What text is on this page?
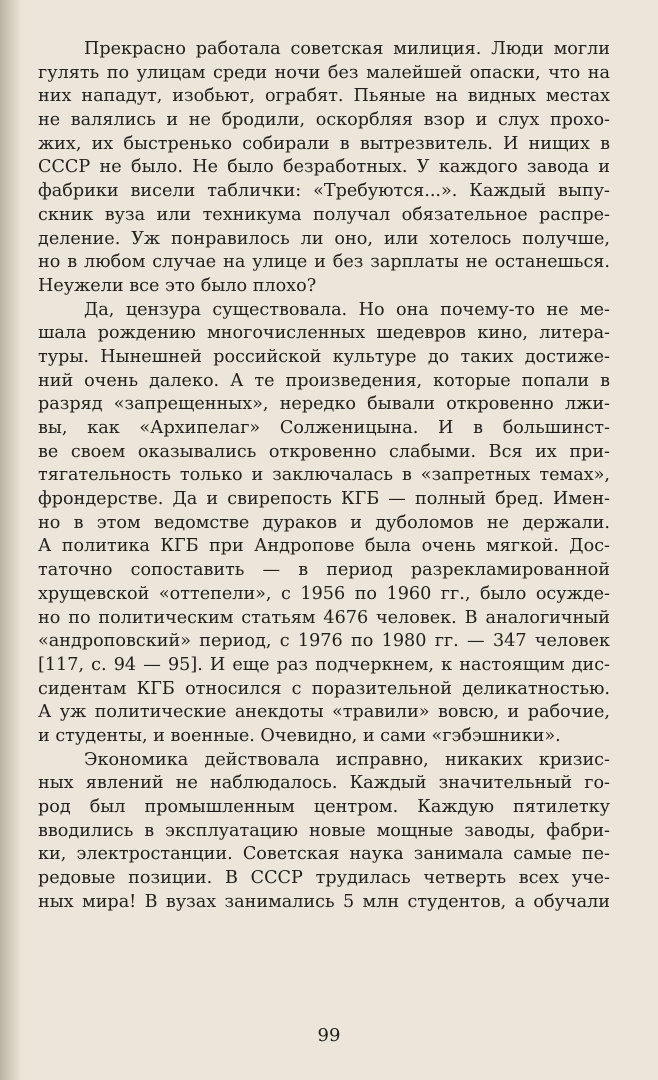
Прекрасно работала советская милиция. Люди могли
гулять по улицам среди ночи без малейшей опаски, что на
них нападут, изобьют, ограбят. Пьяные на видных местах
не валялись и не бродили, оскорбляя взор и слух прохо-
жих, их быстренько собирали в вытрезвитель. И нищих в
СССР не было. Не было безработных. У каждого завода и
фабрики висели таблички: «Требуются...». Каждый выпу-
скник вуза или техникума получал обязательное распре-
деление. Уж понравилось ли оно, или хотелось получше,
но в любом случае на улице и без зарплаты не останешься.
Неужели все это было плохо?
Да, цензура существовала. Но она почему-то не ме-
шала рождению многочисленных шедевров кино, литера-
туры. Нынешней российской культуре до таких достиже-
ний очень далеко. А те произведения, которые попали в
разряд «запрещенных», нередко бывали откровенно лжи-
вы, как «Архипелаг» Солженицына. И в большинст-
ве своем оказывались откровенно слабыми. Вся их при-
тягательность только и заключалась в «запретных темах»,
фрондерстве. Да и свирепость КГБ — полный бред. Имен-
но в этом ведомстве дураков и дуболомов не держали.
А политика КГБ при Андропове была очень мягкой. Дос-
таточно сопоставить — в период разрекламированной
хрущевской «оттепели», с 1956 по 1960 гг., было осужде-
но по политическим статьям 4676 человек. В аналогичный
«андроповский» период, с 1976 по 1980 гг. — 347 человек
[117, с. 94 — 95]. И еще раз подчеркнем, к настоящим дис-
сидентам КГБ относился с поразительной деликатностью.
А уж политические анекдоты «травили» вовсю, и рабочие,
и студенты, и военные. Очевидно, и сами «гэбэшники».
Экономика действовала исправно, никаких кризис-
ных явлений не наблюдалось. Каждый значительный го-
род был промышленным центром. Каждую пятилетку
вводились в эксплуатацию новые мощные заводы, фабри-
ки, электростанции. Советская наука занимала самые пе-
редовые позиции. В СССР трудилась четверть всех уче-
ных мира! В вузах занимались 5 млн студентов, а обучали
99
